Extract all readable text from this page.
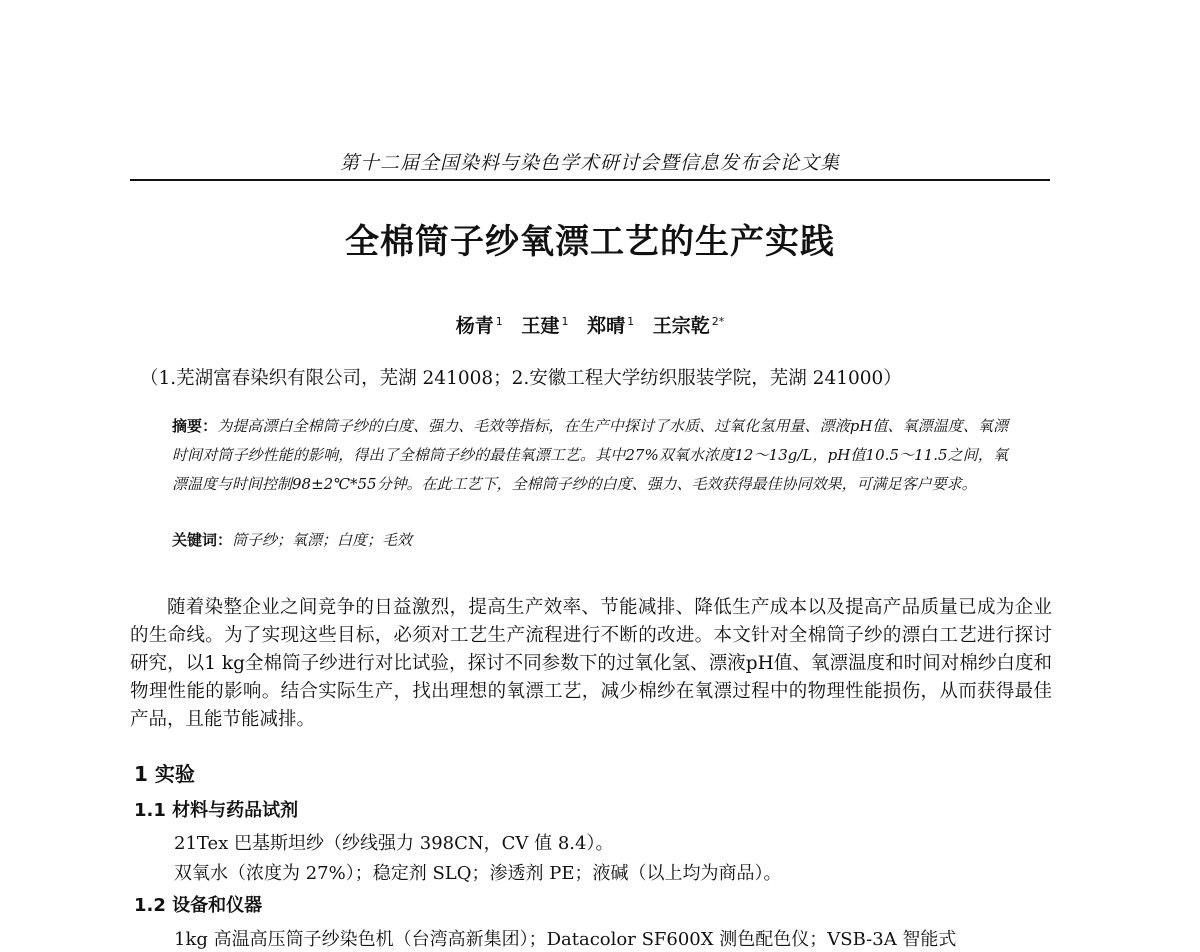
第十二届全国染料与染色学术研讨会暨信息发布会论文集
全棉筒子纱氧漂工艺的生产实践
杨青 $^1$ 王建 $^1$ 郑晴 $^1$ 王宗乾 $^{2*}$
（1.芜湖富春染织有限公司，芜湖 241008；2.安徽工程大学纺织服装学院，芜湖 241000）
摘要：为提高漂白全棉筒子纱的白度、强力、毛效等指标，在生产中探讨了水质、过氧化氢用量、漂液pH值、氧漂温度、氧漂时间对筒子纱性能的影响，得出了全棉筒子纱的最佳氧漂工艺。其中27%双氧水浓度12～13g/L，pH值10.5～11.5之间，氧漂温度与时间控制98±2℃*55分钟。在此工艺下，全棉筒子纱的白度、强力、毛效获得最佳协同效果，可满足客户要求。
关键词：筒子纱；氧漂；白度；毛效
随着染整企业之间竞争的日益激烈，提高生产效率、节能减排、降低生产成本以及提高产品质量已成为企业的生命线。为了实现这些目标，必须对工艺生产流程进行不断的改进。本文针对全棉筒子纱的漂白工艺进行探讨研究，以1 kg全棉筒子纱进行对比试验，探讨不同参数下的过氧化氢、漂液pH值、氧漂温度和时间对棉纱白度和物理性能的影响。结合实际生产，找出理想的氧漂工艺，减少棉纱在氧漂过程中的物理性能损伤，从而获得最佳产品，且能节能减排。
1 实验
1.1 材料与药品试剂
21Tex 巴基斯坦纱（纱线强力 398CN，CV 值 8.4）。
双氧水（浓度为 27%）；稳定剂 SLQ；渗透剂 PE；液碱（以上均为商品）。
1.2 设备和仪器
1kg 高温高压筒子纱染色机（台湾高新集团）；Datacolor SF600X 测色配色仪；VSB-3A 智能式
